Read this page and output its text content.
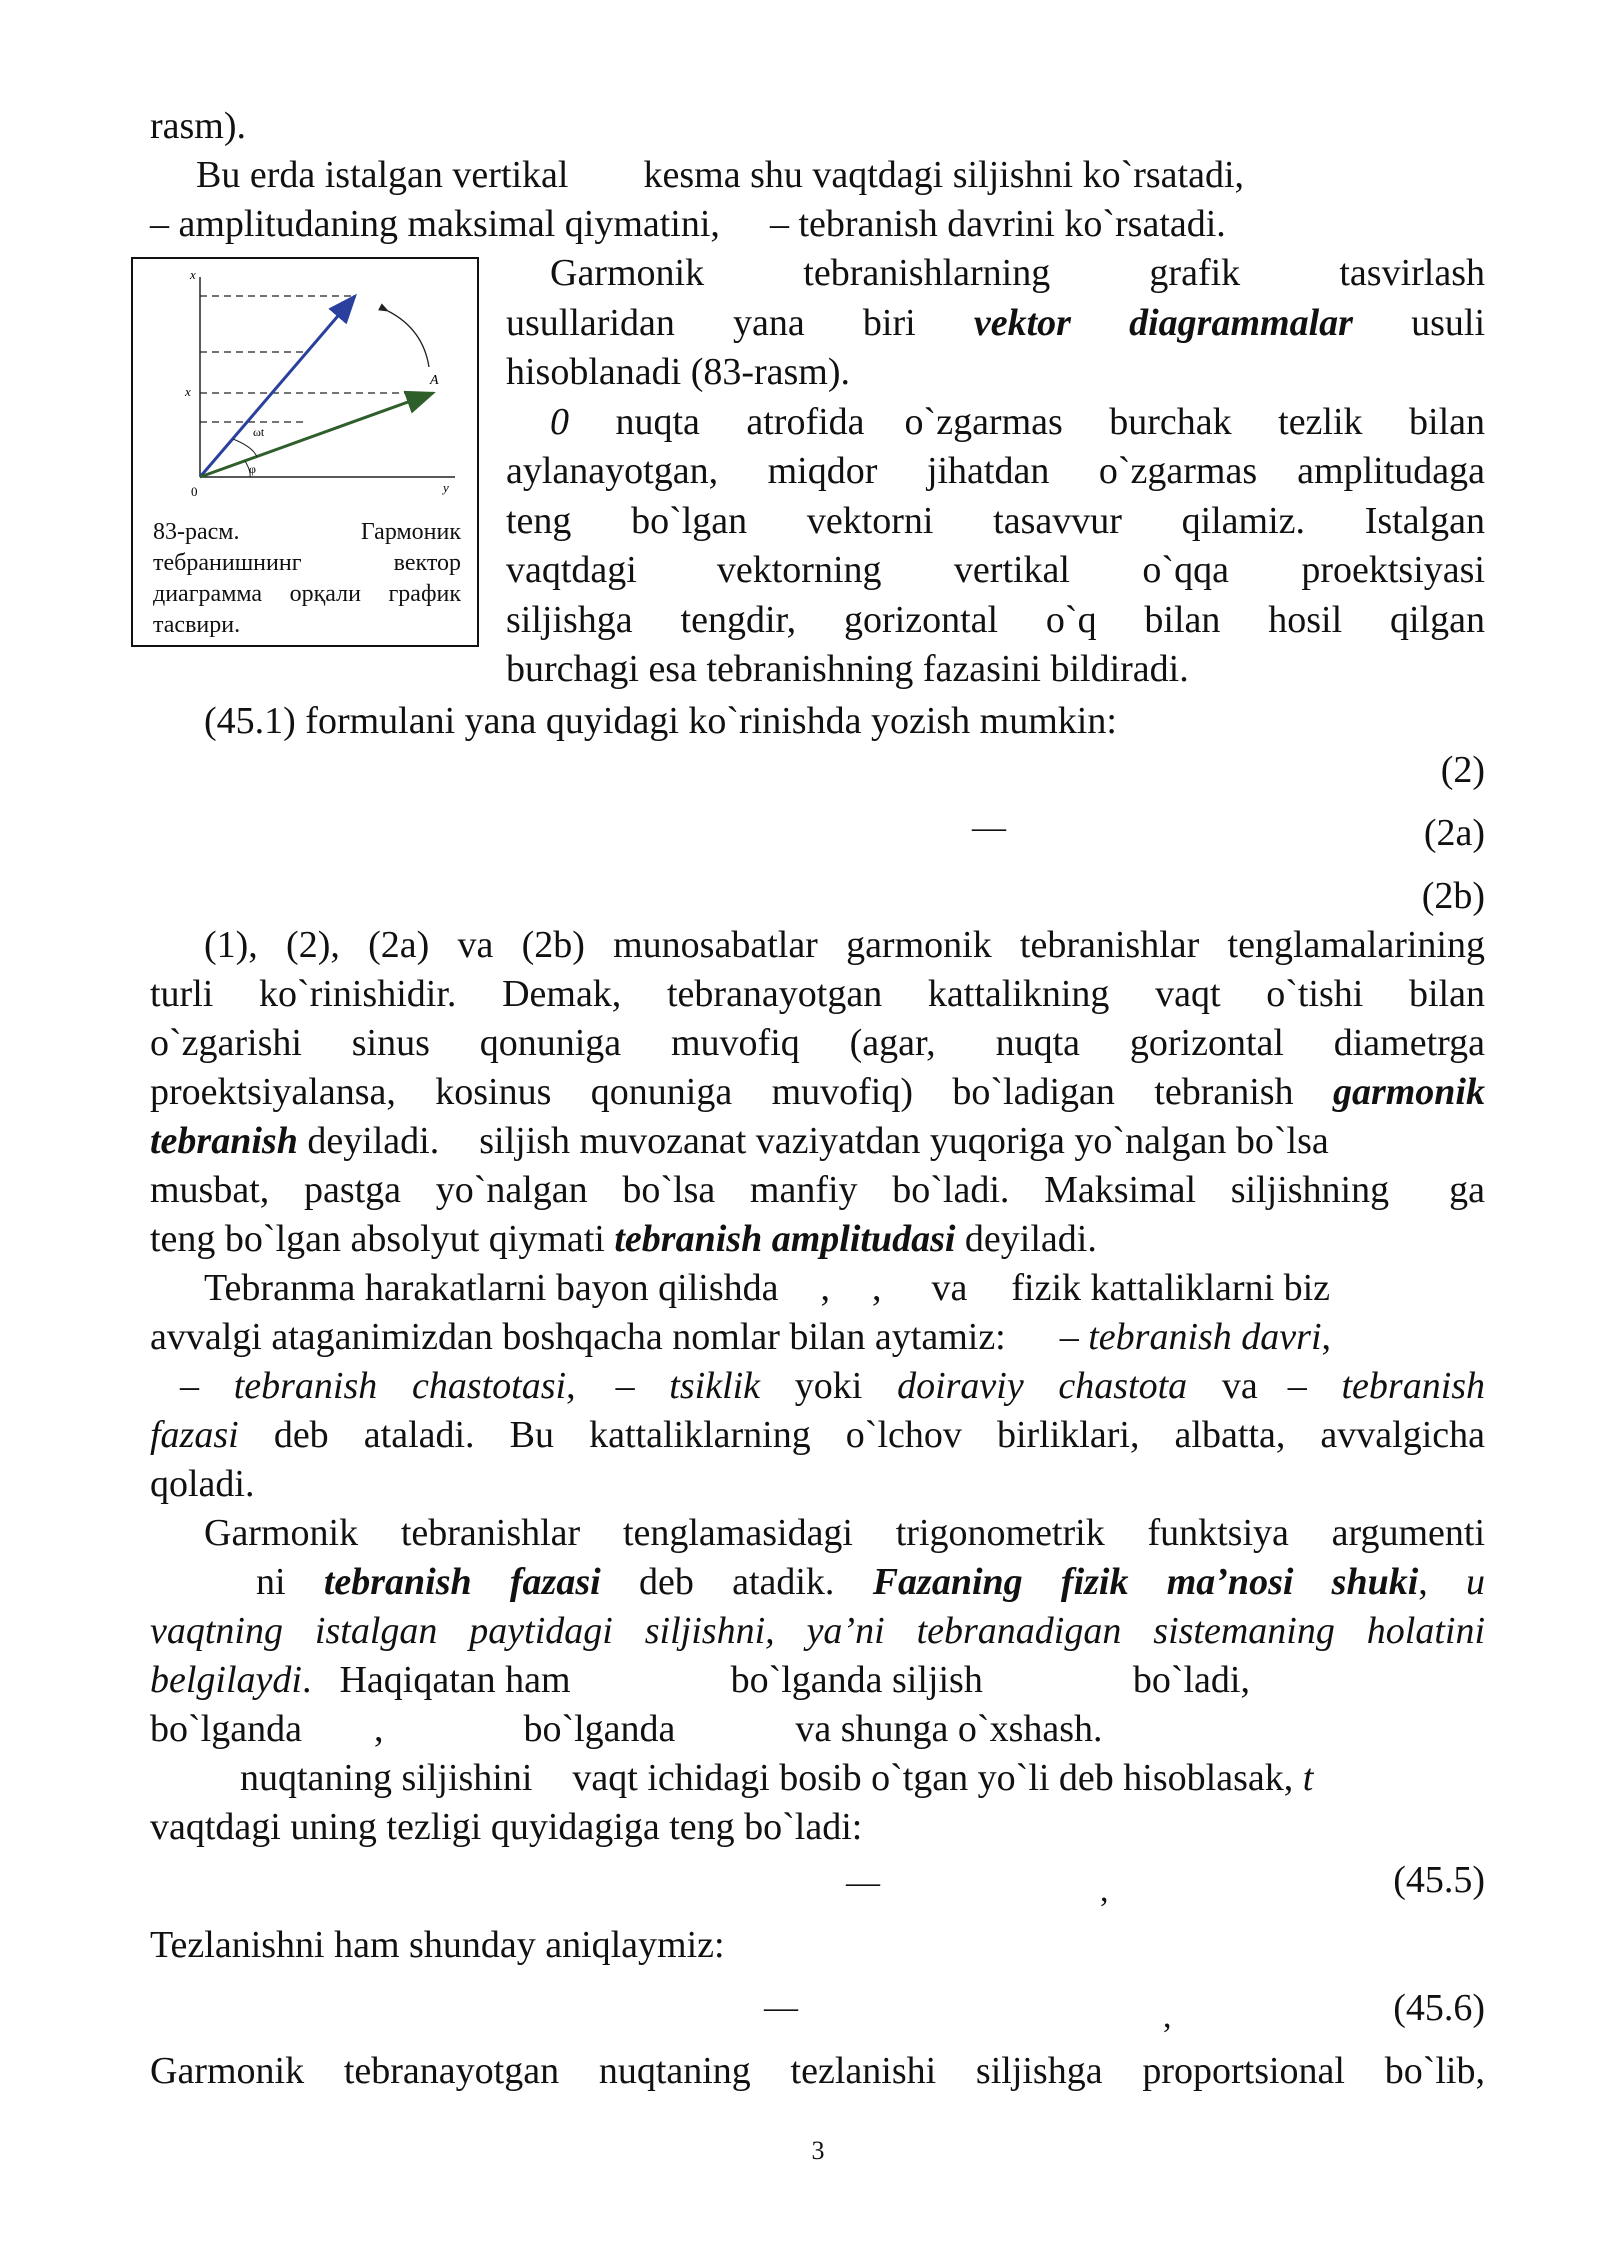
rasm).
Bu erda istalgan vertikal kesma shu vaqtdagi siljishni ko`rsatadi,
– amplitudaning maksimal qiymatini, – tebranish davrini ko`rsatadi.
x
y
0
x
A
ωt
φ
83-расм. Гармоник тебранишнинг вектор диаграмма орқали график тасвири.
Garmonik tebranishlarning grafik tasvirlash
usullaridan yana biri vektor diagrammalar usuli
hisoblanadi (83-rasm).
0 nuqta atrofida o`zgarmas burchak tezlik bilan
aylanayotgan, miqdor jihatdan o`zgarmas amplitudaga
teng bo`lgan vektorni tasavvur qilamiz. Istalgan
vaqtdagi vektorning vertikal o`qqa proektsiyasi
siljishga tengdir, gorizontal o`q bilan hosil qilgan
burchagi esa tebranishning fazasini bildiradi.
(45.1) formulani yana quyidagi ko`rinishda yozish mumkin:
(2)
—	(2a)
(2b)
(1), (2), (2a) va (2b) munosabatlar garmonik tebranishlar tenglamalarining
turli ko`rinishidir. Demak, tebranayotgan kattalikning vaqt o`tishi bilan
o`zgarishi sinus qonuniga muvofiq (agar, nuqta gorizontal diametrga
proektsiyalansa, kosinus qonuniga muvofiq) bo`ladigan tebranish garmonik
tebranish deyiladi. siljish muvozanat vaziyatdan yuqoriga yo`nalgan bo`lsa
musbat, pastga yo`nalgan bo`lsa manfiy bo`ladi. Maksimal siljishning ga
teng bo`lgan absolyut qiymati tebranish amplitudasi deyiladi.
Tebranma harakatlarni bayon qilishda , , va fizik kattaliklarni biz
avvalgi ataganimizdan boshqacha nomlar bilan aytamiz: – tebranish davri,
– tebranish chastotasi, – tsiklik yoki doiraviy chastota va – tebranish
fazasi deb ataladi. Bu kattaliklarning o`lchov birliklari, albatta, avvalgicha
qoladi.
Garmonik tebranishlar tenglamasidagi trigonometrik funktsiya argumenti
ni tebranish fazasi deb atadik. Fazaning fizik ma’nosi shuki, u
vaqtning istalgan paytidagi siljishni, ya’ni tebranadigan sistemaning holatini
belgilaydi. Haqiqatan ham	bo`lganda siljish	bo`ladi,
bo`lganda ,	bo`lganda	va shunga o`xshash.
nuqtaning siljishini vaqt ichidagi bosib o`tgan yo`li deb hisoblasak, t
vaqtdagi uning tezligi quyidagiga teng bo`ladi:
—	,	(45.5)
Tezlanishni ham shunday aniqlaymiz:
—	,	(45.6)
Garmonik tebranayotgan nuqtaning tezlanishi siljishga proportsional bo`lib,
3
